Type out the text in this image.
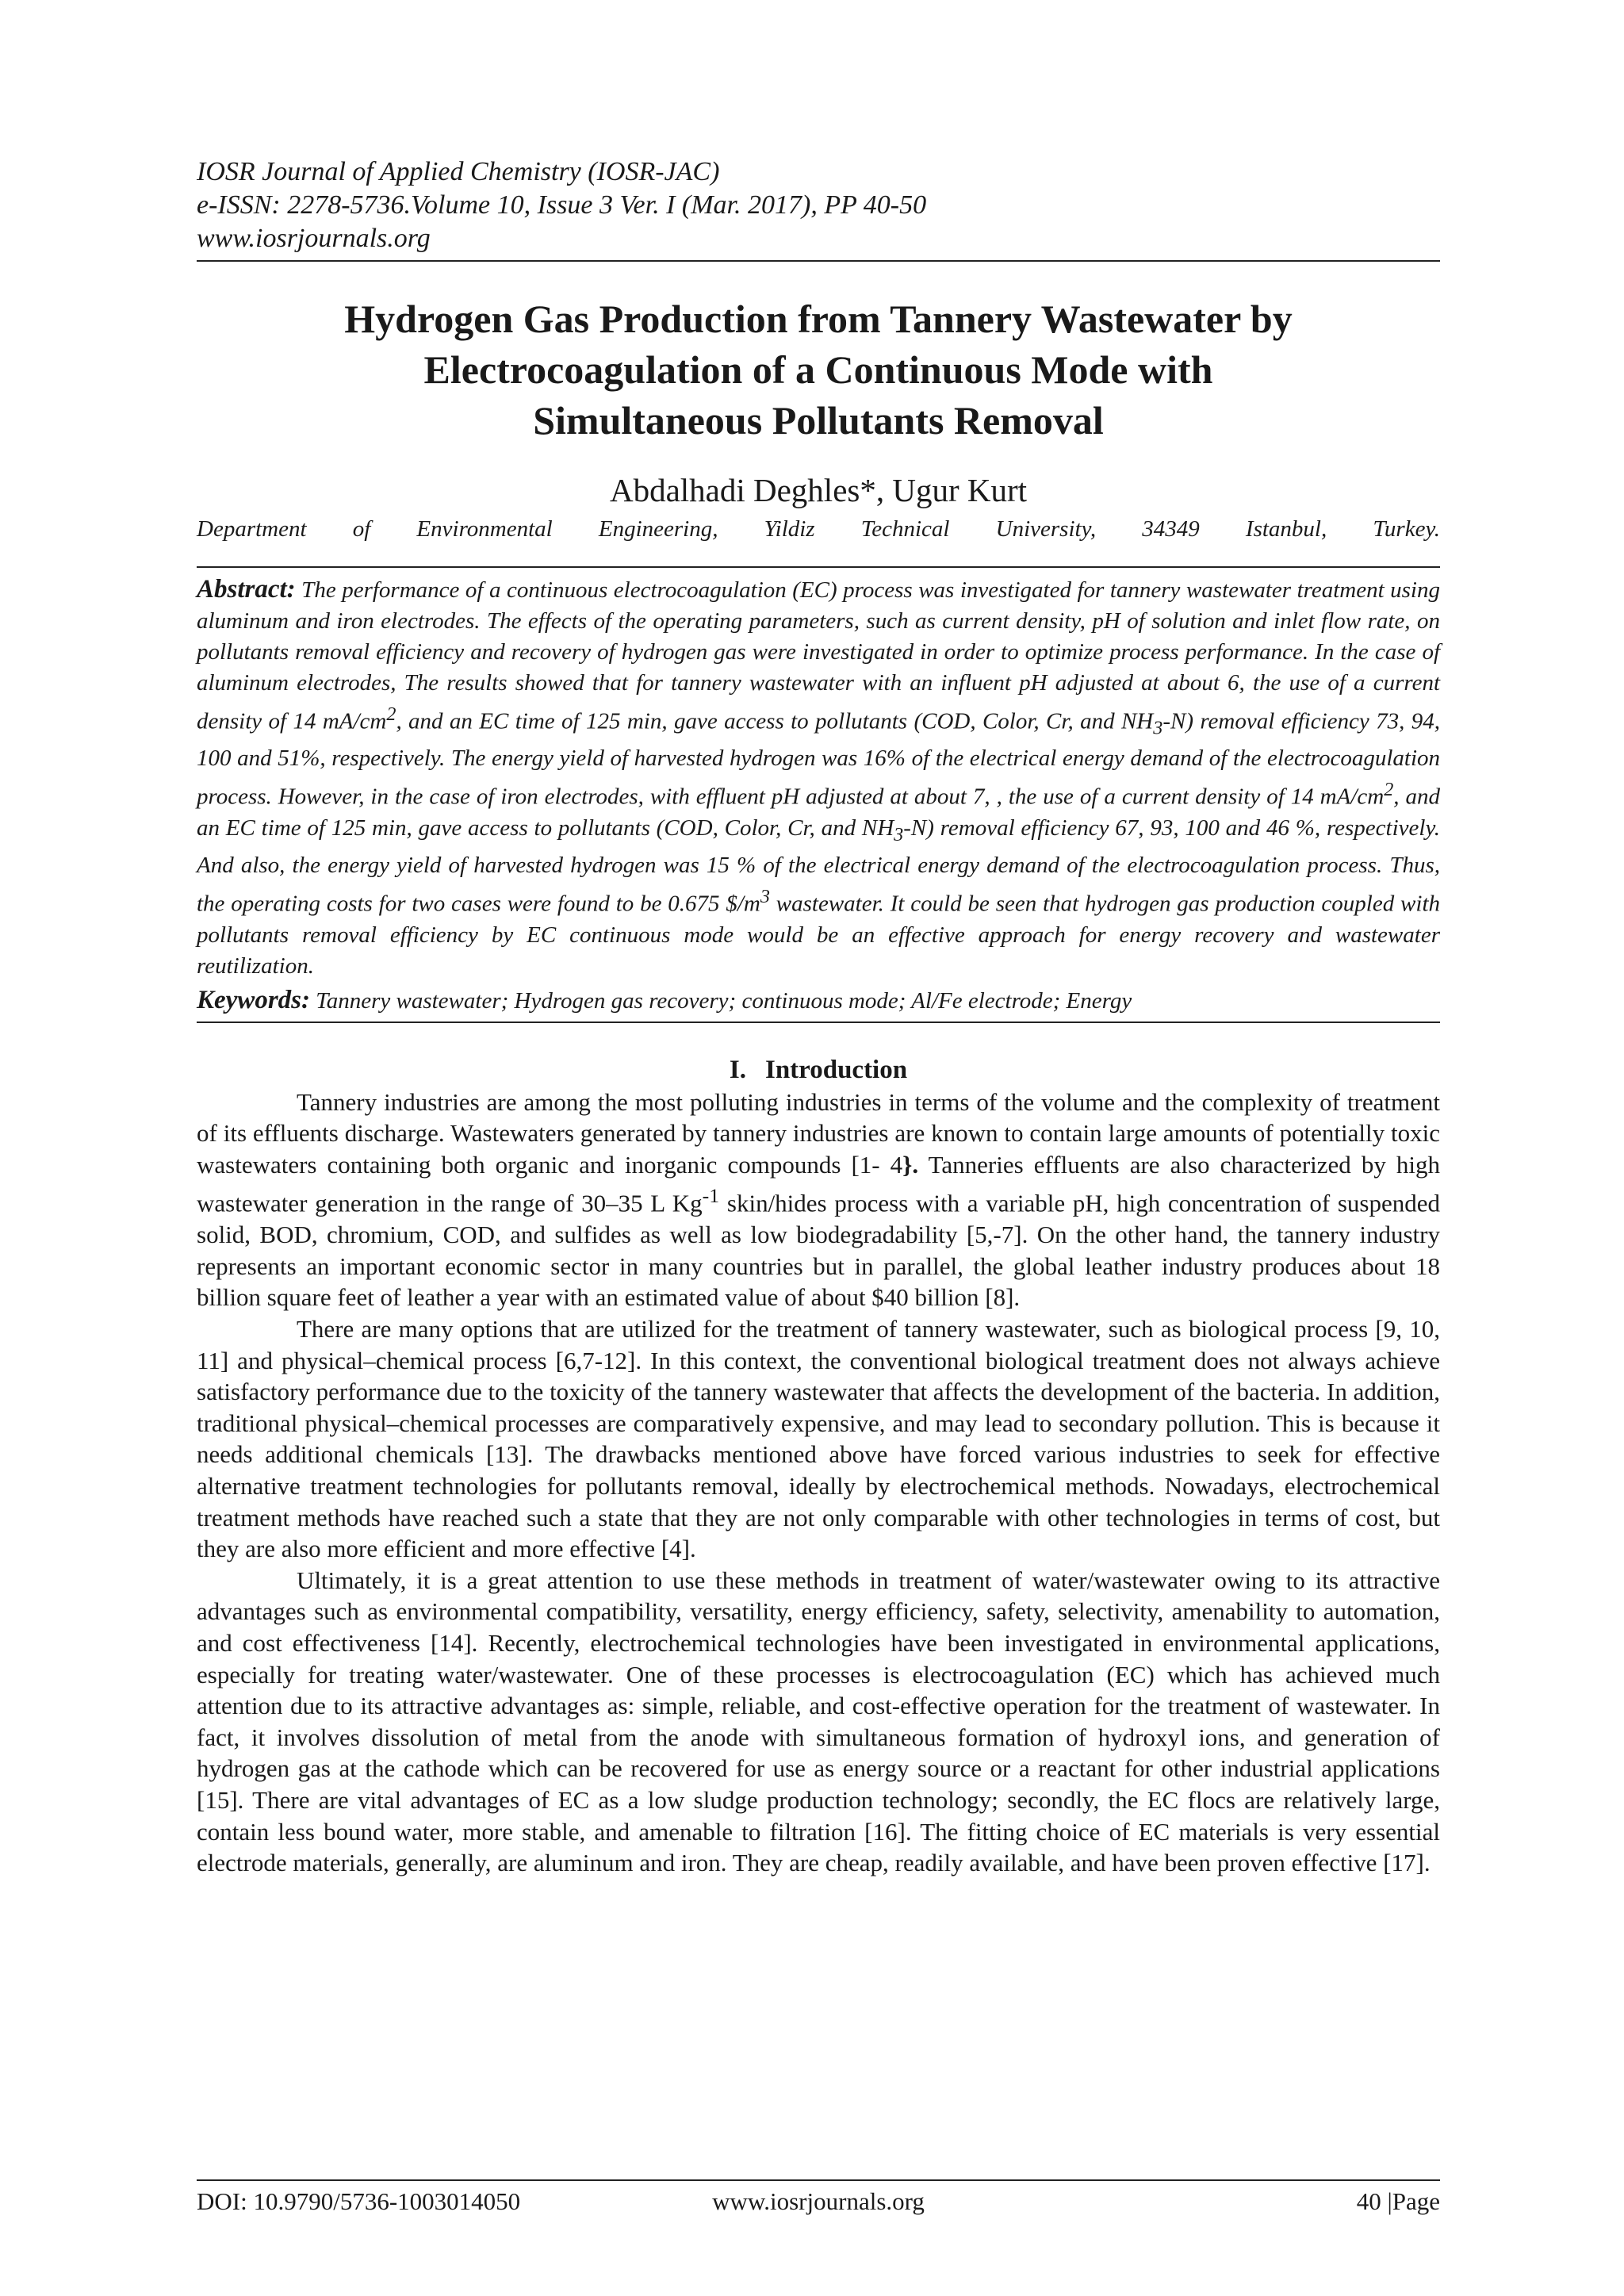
IOSR Journal of Applied Chemistry (IOSR-JAC)
e-ISSN: 2278-5736.Volume 10, Issue 3 Ver. I (Mar. 2017), PP 40-50
www.iosrjournals.org
Hydrogen Gas Production from Tannery Wastewater by
Electrocoagulation of a Continuous Mode with
Simultaneous Pollutants Removal
Abdalhadi Deghles*, Ugur Kurt
Department of Environmental Engineering, Yildiz Technical University, 34349 Istanbul, Turkey.

Abstract: The performance of a continuous electrocoagulation (EC) process was investigated for tannery wastewater treatment using aluminum and iron electrodes. The effects of the operating parameters, such as current density, pH of solution and inlet flow rate, on pollutants removal efficiency and recovery of hydrogen gas were investigated in order to optimize process performance. In the case of aluminum electrodes, The results showed that for tannery wastewater with an influent pH adjusted at about 6, the use of a current density of 14 $mA/cm^2$, and an EC time of 125 min, gave access to pollutants (COD, Color, Cr, and $NH_3-N$) removal efficiency 73, 94, 100 and 51%, respectively. The energy yield of harvested hydrogen was 16% of the electrical energy demand of the electrocoagulation process. However, in the case of iron electrodes, with effluent pH adjusted at about 7, , the use of a current density of 14 $mA/cm^2$, and an EC time of 125 min, gave access to pollutants (COD, Color, Cr, and $NH_3-N$) removal efficiency 67, 93, 100 and 46 %, respectively. And also, the energy yield of harvested hydrogen was 15 % of the electrical energy demand of the electrocoagulation process. Thus, the operating costs for two cases were found to be 0.675 $\$/m^3$ wastewater. It could be seen that hydrogen gas production coupled with pollutants removal efficiency by EC continuous mode would be an effective approach for energy recovery and wastewater reutilization.

Keywords: Tannery wastewater; Hydrogen gas recovery; continuous mode; Al/Fe electrode; Energy

I. Introduction

Tannery industries are among the most polluting industries in terms of the volume and the complexity of treatment of its effluents discharge. Wastewaters generated by tannery industries are known to contain large amounts of potentially toxic wastewaters containing both organic and inorganic compounds [1- 4}. Tanneries effluents are also characterized by high wastewater generation in the range of 30–35 L $Kg^{-1}$ skin/hides process with a variable pH, high concentration of suspended solid, BOD, chromium, COD, and sulfides as well as low biodegradability [5,-7]. On the other hand, the tannery industry represents an important economic sector in many countries but in parallel, the global leather industry produces about 18 billion square feet of leather a year with an estimated value of about $40 billion [8].

There are many options that are utilized for the treatment of tannery wastewater, such as biological process [9, 10, 11] and physical–chemical process [6,7-12]. In this context, the conventional biological treatment does not always achieve satisfactory performance due to the toxicity of the tannery wastewater that affects the development of the bacteria. In addition, traditional physical–chemical processes are comparatively expensive, and may lead to secondary pollution. This is because it needs additional chemicals [13]. The drawbacks mentioned above have forced various industries to seek for effective alternative treatment technologies for pollutants removal, ideally by electrochemical methods. Nowadays, electrochemical treatment methods have reached such a state that they are not only comparable with other technologies in terms of cost, but they are also more efficient and more effective [4].

Ultimately, it is a great attention to use these methods in treatment of water/wastewater owing to its attractive advantages such as environmental compatibility, versatility, energy efficiency, safety, selectivity, amenability to automation, and cost effectiveness [14]. Recently, electrochemical technologies have been investigated in environmental applications, especially for treating water/wastewater. One of these processes is electrocoagulation (EC) which has achieved much attention due to its attractive advantages as: simple, reliable, and cost-effective operation for the treatment of wastewater. In fact, it involves dissolution of metal from the anode with simultaneous formation of hydroxyl ions, and generation of hydrogen gas at the cathode which can be recovered for use as energy source or a reactant for other industrial applications [15]. There are vital advantages of EC as a low sludge production technology; secondly, the EC flocs are relatively large, contain less bound water, more stable, and amenable to filtration [16]. The fitting choice of EC materials is very essential electrode materials, generally, are aluminum and iron. They are cheap, readily available, and have been proven effective [17].

DOI: 10.9790/5736-1003014050	www.iosrjournals.org	40 |Page
